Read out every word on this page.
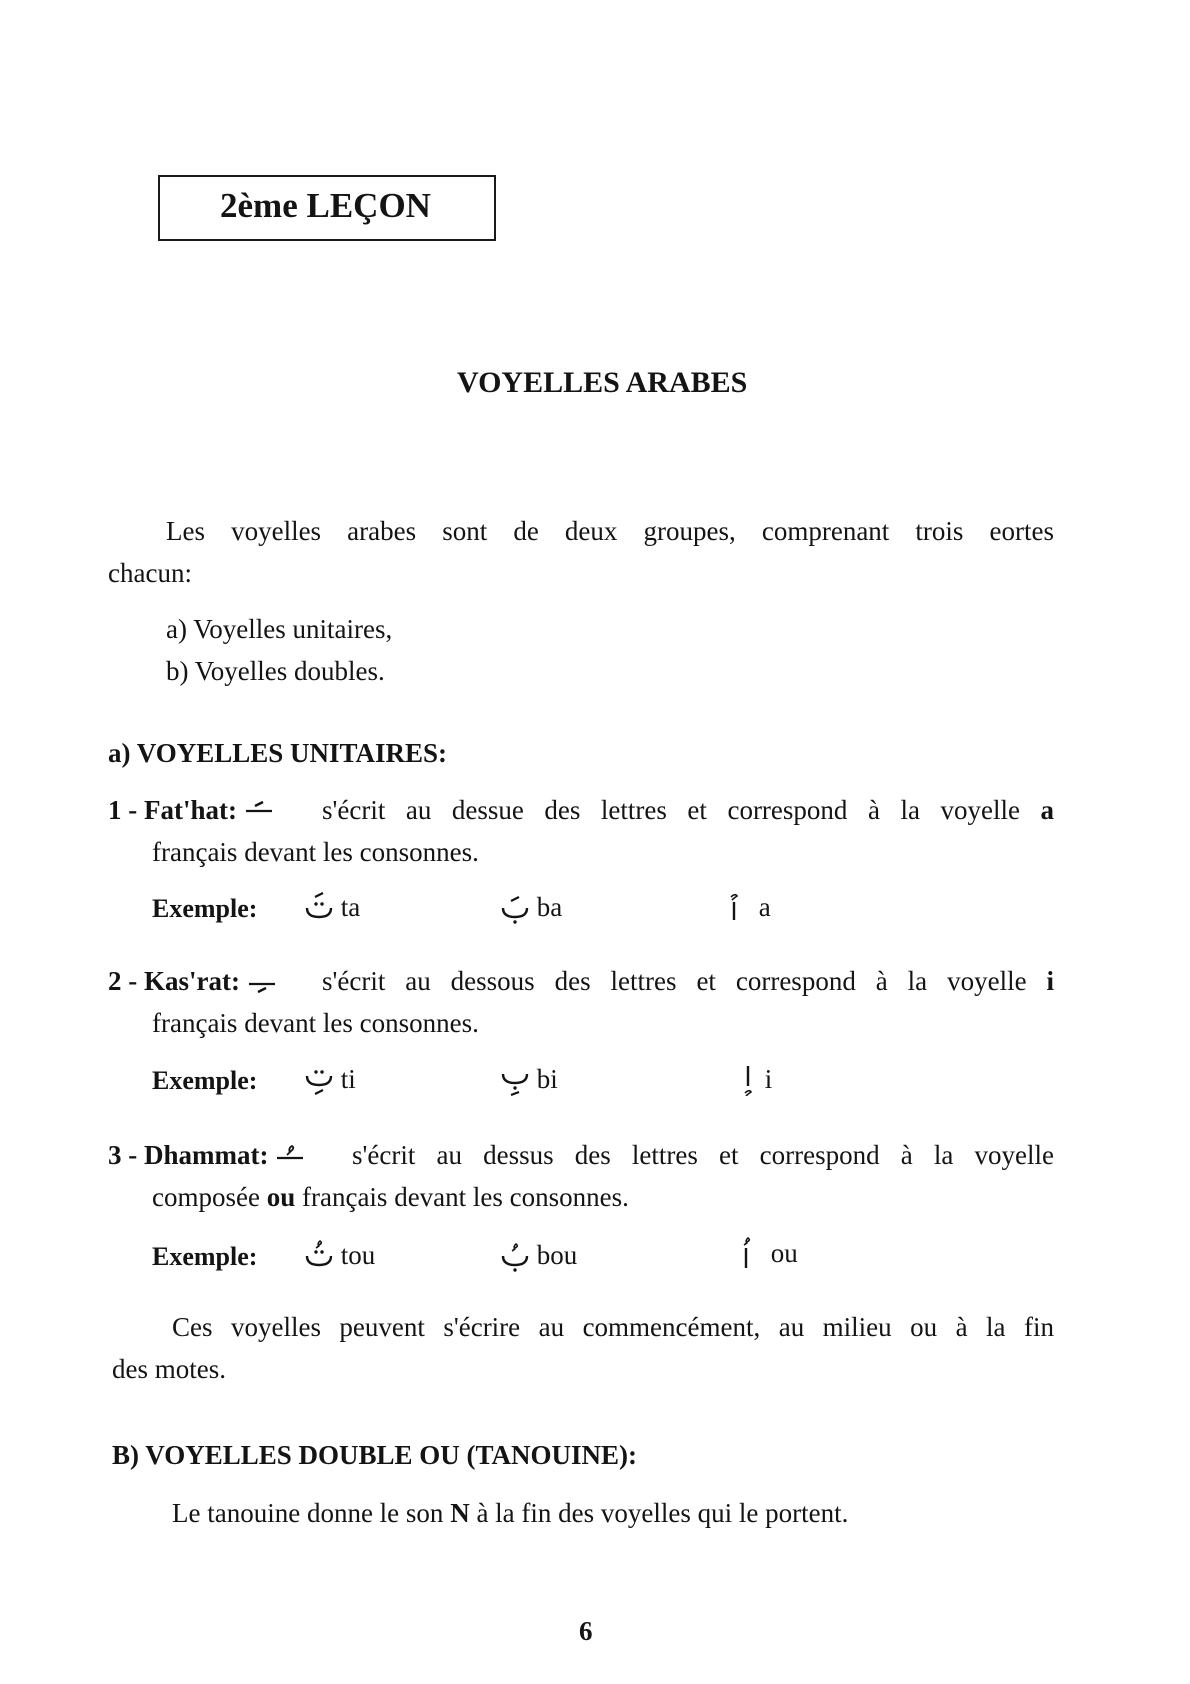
2ème LEÇON
VOYELLES ARABES
Les voyelles arabes sont de deux groupes, comprenant trois eortes
chacun:
a) Voyelles unitaires,
b) Voyelles doubles.
a) VOYELLES UNITAIRES:
1 - Fat'hat:	s'écrit au dessue des lettres et correspond à la voyelle a
français devant les consonnes.
Exemple:	ta	ba	a
2 - Kas'rat:	s'écrit au dessous des lettres et correspond à la voyelle i
français devant les consonnes.
Exemple:	ti	bi	i
3 - Dhammat:	s'écrit au dessus des lettres et correspond à la voyelle
composée ou français devant les consonnes.
Exemple:	tou	bou	ou
Ces voyelles peuvent s'écrire au commencément, au milieu ou à la fin
des motes.
B) VOYELLES DOUBLE OU (TANOUINE):
Le tanouine donne le son N à la fin des voyelles qui le portent.
6
